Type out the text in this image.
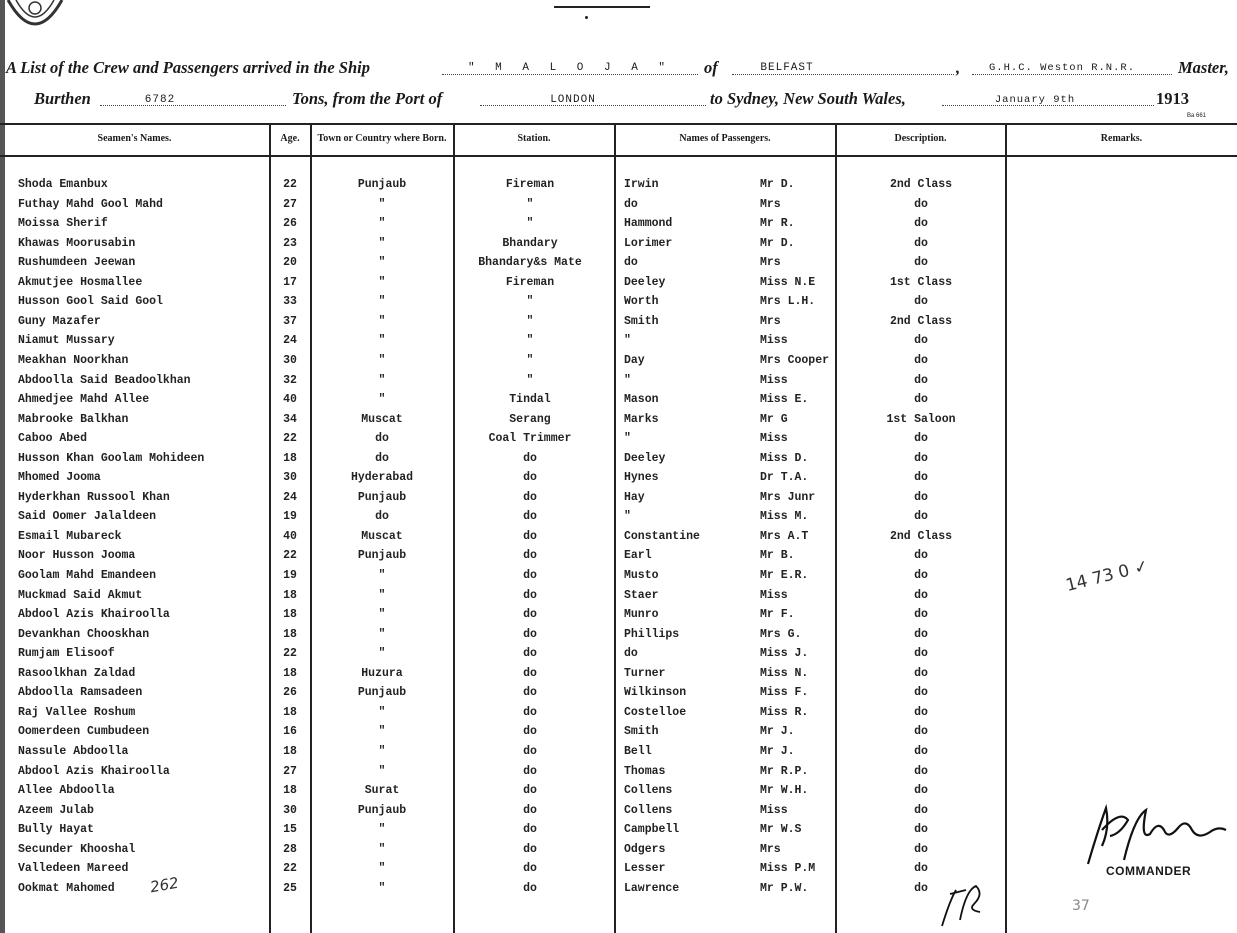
A List of the Crew and Passengers arrived in the Ship	" M A L O J A "	of	BELFAST	,	G.H.C. Weston R.N.R.	Master,
Burthen	6782	Tons, from the Port of	LONDON	to Sydney, New South Wales,	January 9th	1913
Ba 661
Seamen's Names.	Age.	Town or Country where Born.	Station.	Names of Passengers.	Description.	Remarks.
Shoda Emanbux	22	Punjaub	Fireman	Irwin	Mr D.	2nd Class
Futhay Mahd Gool Mahd	27	"	"	do	Mrs	do
Moissa Sherif	26	"	"	Hammond	Mr R.	do
Khawas Moorusabin	23	"	Bhandary	Lorimer	Mr D.	do
Rushumdeen Jeewan	20	"	Bhandary&s Mate	do	Mrs	do
Akmutjee Hosmallee	17	"	Fireman	Deeley	Miss N.E	1st Class
Husson Gool Said Gool	33	"	"	Worth	Mrs L.H.	do
Guny Mazafer	37	"	"	Smith	Mrs	2nd Class
Niamut Mussary	24	"	"	"	Miss	do
Meakhan Noorkhan	30	"	"	Day	Mrs Cooper	do
Abdoolla Said Beadoolkhan	32	"	"	"	Miss	do
Ahmedjee Mahd Allee	40	"	Tindal	Mason	Miss E.	do
Mabrooke Balkhan	34	Muscat	Serang	Marks	Mr G	1st Saloon
Caboo Abed	22	do	Coal Trimmer	"	Miss	do
Husson Khan Goolam Mohideen	18	do	do	Deeley	Miss D.	do
Mhomed Jooma	30	Hyderabad	do	Hynes	Dr T.A.	do
Hyderkhan Russool Khan	24	Punjaub	do	Hay	Mrs Junr	do
Said Oomer Jalaldeen	19	do	do	"	Miss M.	do
Esmail Mubareck	40	Muscat	do	Constantine	Mrs A.T	2nd Class
Noor Husson Jooma	22	Punjaub	do	Earl	Mr B.	do
Goolam Mahd Emandeen	19	"	do	Musto	Mr E.R.	do
Muckmad Said Akmut	18	"	do	Staer	Miss	do
Abdool Azis Khairoolla	18	"	do	Munro	Mr F.	do
Devankhan Chooskhan	18	"	do	Phillips	Mrs G.	do
Rumjam Elisoof	22	"	do	do	Miss J.	do
Rasoolkhan Zaldad	18	Huzura	do	Turner	Miss N.	do
Abdoolla Ramsadeen	26	Punjaub	do	Wilkinson	Miss F.	do
Raj Vallee Roshum	18	"	do	Costelloe	Miss R.	do
Oomerdeen Cumbudeen	16	"	do	Smith	Mr J.	do
Nassule Abdoolla	18	"	do	Bell	Mr J.	do
Abdool Azis Khairoolla	27	"	do	Thomas	Mr R.P.	do
Allee Abdoolla	18	Surat	do	Collens	Mr W.H.	do
Azeem Julab	30	Punjaub	do	Collens	Miss	do
Bully Hayat	15	"	do	Campbell	Mr W.S	do
Secunder Khooshal	28	"	do	Odgers	Mrs	do
Valledeen Mareed	22	"	do	Lesser	Miss P.M	do
Ookmat Mahomed	25	"	do	Lawrence	Mr P.W.	do
14 73 0 ✓
262
37
COMMANDER
